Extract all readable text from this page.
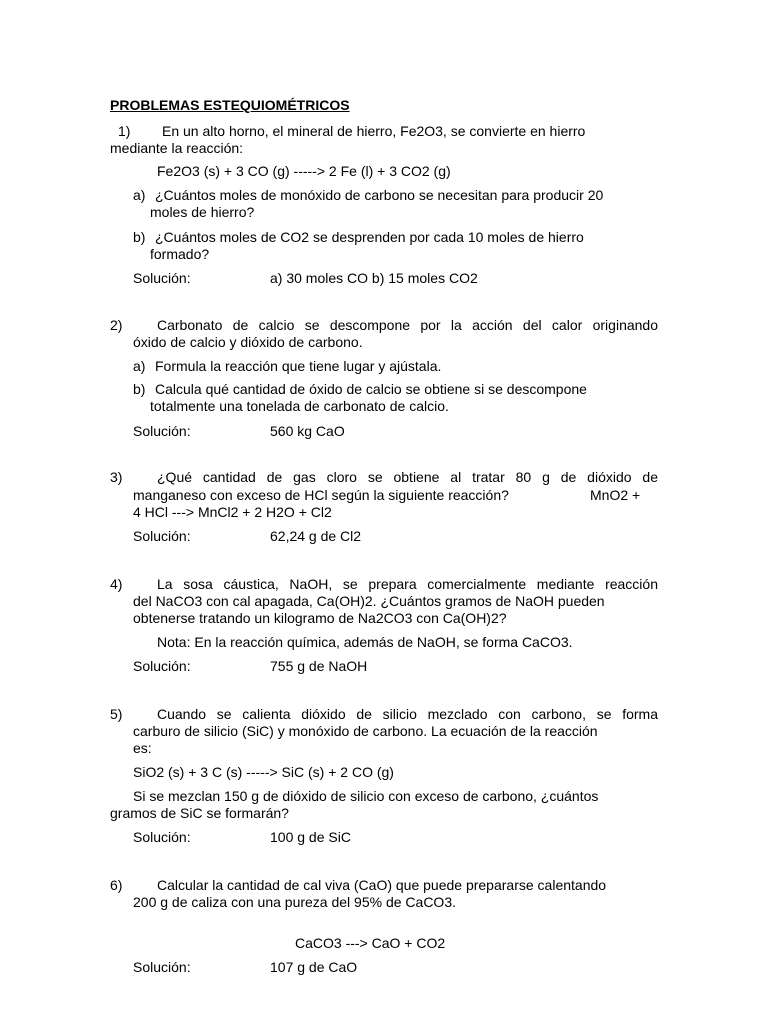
PROBLEMAS ESTEQUIOMÉTRICOS
1) En un alto horno, el mineral de hierro, Fe2O3, se convierte en hierro
mediante la reacción:
Fe2O3 (s) + 3 CO (g) -----> 2 Fe (l) + 3 CO2 (g)
a) ¿Cuántos moles de monóxido de carbono se necesitan para producir 20
moles de hierro?
b) ¿Cuántos moles de CO2 se desprenden por cada 10 moles de hierro
formado?
Solución:	a) 30 moles CO b) 15 moles CO2
2) Carbonato de calcio se descompone por la acción del calor originando
óxido de calcio y dióxido de carbono.
a) Formula la reacción que tiene lugar y ajústala.
b) Calcula qué cantidad de óxido de calcio se obtiene si se descompone
totalmente una tonelada de carbonato de calcio.
Solución:	560 kg CaO
3) ¿Qué cantidad de gas cloro se obtiene al tratar 80 g de dióxido de
manganeso con exceso de HCl según la siguiente reacción?	MnO2 +
4 HCl ---> MnCl2 + 2 H2O + Cl2
Solución:	62,24 g de Cl2
4) La sosa cáustica, NaOH, se prepara comercialmente mediante reacción
del NaCO3 con cal apagada, Ca(OH)2. ¿Cuántos gramos de NaOH pueden
obtenerse tratando un kilogramo de Na2CO3 con Ca(OH)2?
Nota: En la reacción química, además de NaOH, se forma CaCO3.
Solución:	755 g de NaOH
5) Cuando se calienta dióxido de silicio mezclado con carbono, se forma
carburo de silicio (SiC) y monóxido de carbono. La ecuación de la reacción
es:
SiO2 (s) + 3 C (s) -----> SiC (s) + 2 CO (g)
Si se mezclan 150 g de dióxido de silicio con exceso de carbono, ¿cuántos
gramos de SiC se formarán?
Solución:	100 g de SiC
6) Calcular la cantidad de cal viva (CaO) que puede prepararse calentando
200 g de caliza con una pureza del 95% de CaCO3.
CaCO3 ---> CaO + CO2
Solución:	107 g de CaO
